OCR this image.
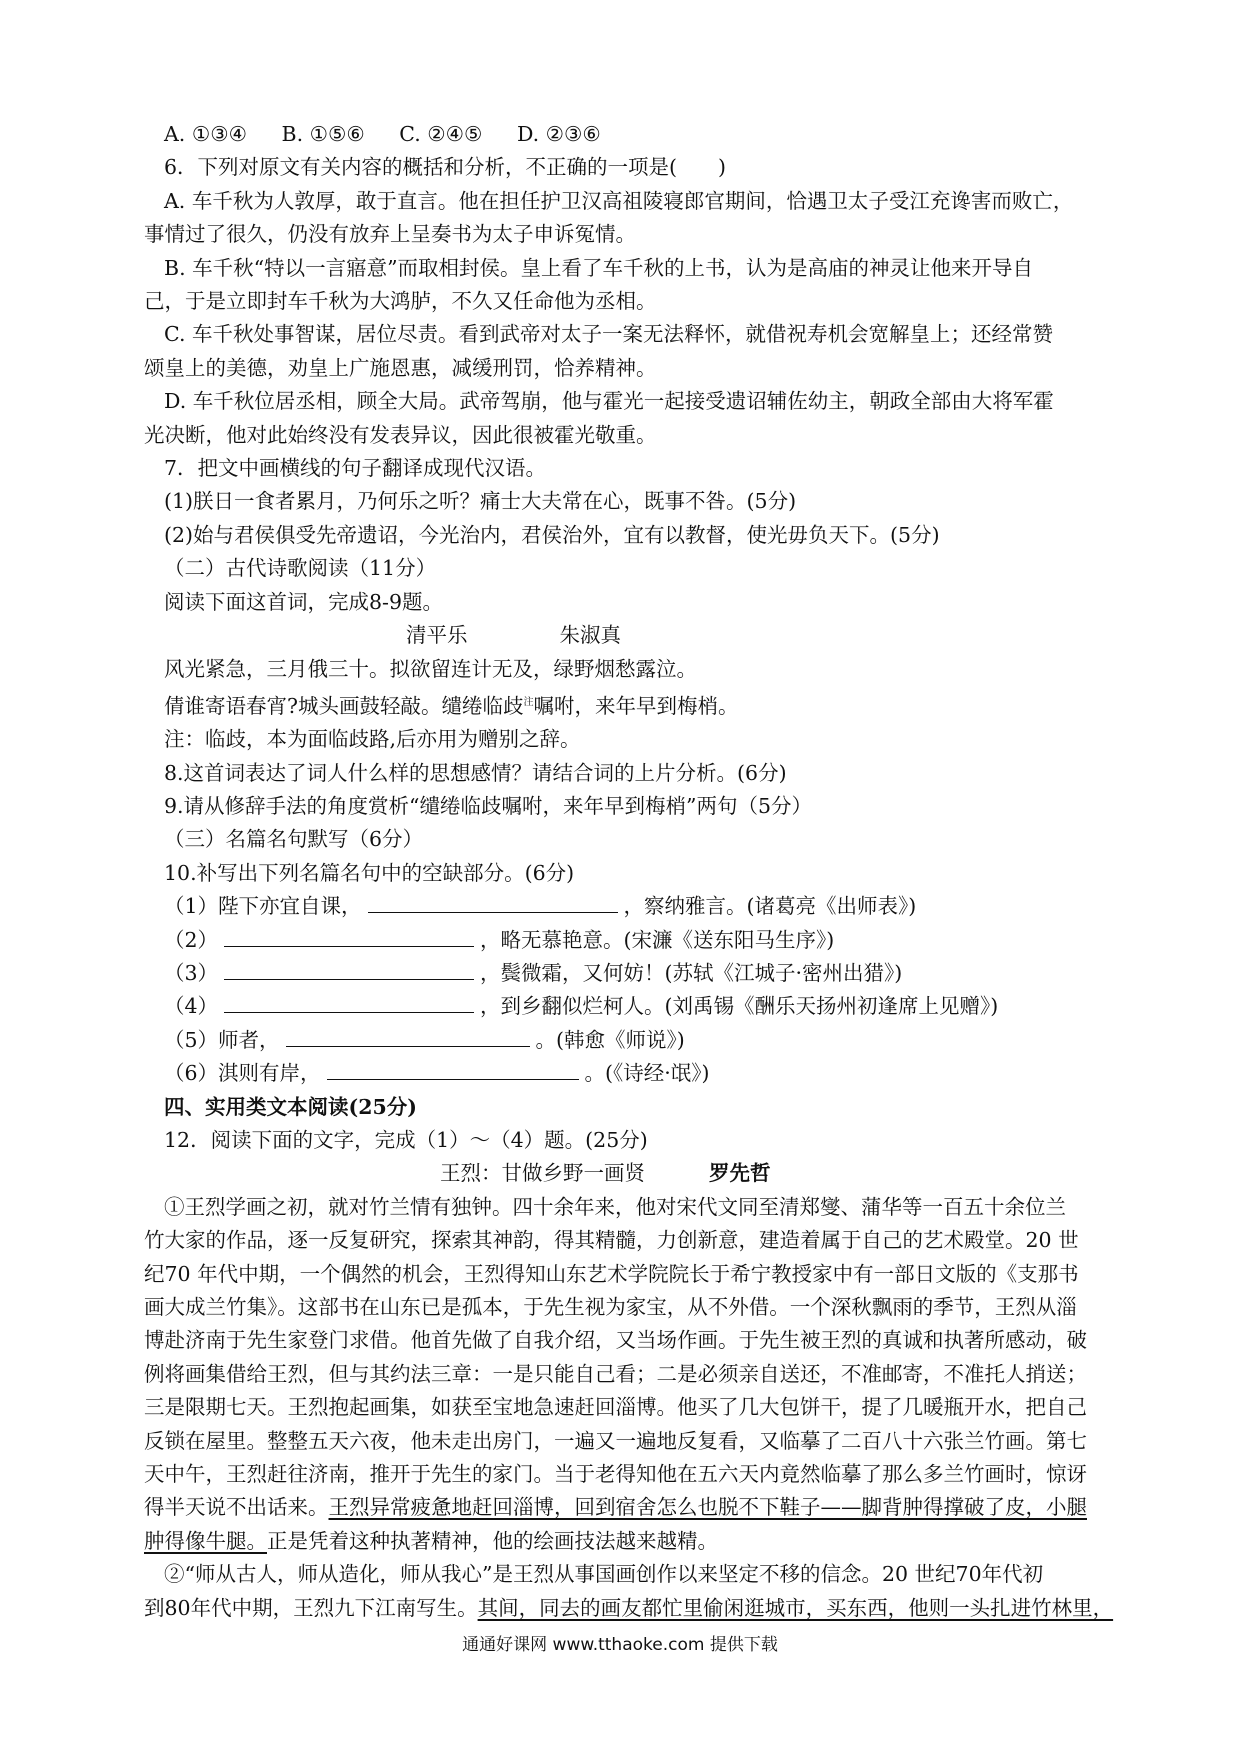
A. ①③④ B. ①⑤⑥ C. ②④⑤ D. ②③⑥
6．下列对原文有关内容的概括和分析，不正确的一项是(　　)
A. 车千秋为人敦厚，敢于直言。他在担任护卫汉高祖陵寝郎官期间，恰遇卫太子受江充谗害而败亡，
事情过了很久，仍没有放弃上呈奏书为太子申诉冤情。
B. 车千秋“特以一言寤意”而取相封侯。皇上看了车千秋的上书，认为是高庙的神灵让他来开导自
己，于是立即封车千秋为大鸿胪，不久又任命他为丞相。
C. 车千秋处事智谋，居位尽责。看到武帝对太子一案无法释怀，就借祝寿机会宽解皇上；还经常赞
颂皇上的美德，劝皇上广施恩惠，减缓刑罚，恰养精神。
D. 车千秋位居丞相，顾全大局。武帝驾崩，他与霍光一起接受遗诏辅佐幼主，朝政全部由大将军霍
光决断，他对此始终没有发表异议，因此很被霍光敬重。
7．把文中画横线的句子翻译成现代汉语。
(1)朕日一食者累月，乃何乐之听？痛士大夫常在心，既事不咎。(5分)
(2)始与君侯俱受先帝遗诏，今光治内，君侯治外，宜有以教督，使光毋负天下。(5分)
（二）古代诗歌阅读（11分）
阅读下面这首词，完成8-9题。
清平乐	朱淑真
风光紧急，三月俄三十。拟欲留连计无及，绿野烟愁露泣。
倩谁寄语春宵?城头画鼓轻敲。缱绻临歧$^注$嘱咐，来年早到梅梢。
注：临歧，本为面临歧路,后亦用为赠别之辞。
8.这首词表达了词人什么样的思想感情？请结合词的上片分析。(6分)
9.请从修辞手法的角度赏析“缱绻临歧嘱咐，来年早到梅梢”两句（5分）
（三）名篇名句默写（6分）
10.补写出下列名篇名句中的空缺部分。(6分)
（1）陛下亦宜自课，	，察纳雅言。(诸葛亮《出师表》)
（2）	，略无慕艳意。(宋濂《送东阳马生序》)
（3）	，鬓微霜，又何妨！(苏轼《江城子·密州出猎》)
（4）	，到乡翻似烂柯人。(刘禹锡《酬乐天扬州初逢席上见赠》)
（5）师者，	。(韩愈《师说》)
（6）淇则有岸，	。(《诗经·氓》)
四、实用类文本阅读(25分)
12．阅读下面的文字，完成（1）～（4）题。(25分)
王烈：甘做乡野一画贤	罗先哲
①王烈学画之初，就对竹兰情有独钟。四十余年来，他对宋代文同至清郑燮、蒲华等一百五十余位兰
竹大家的作品，逐一反复研究，探索其神韵，得其精髓，力创新意，建造着属于自己的艺术殿堂。20 世
纪70 年代中期，一个偶然的机会，王烈得知山东艺术学院院长于希宁教授家中有一部日文版的《支那书
画大成兰竹集》。这部书在山东已是孤本，于先生视为家宝，从不外借。一个深秋飘雨的季节，王烈从淄
博赴济南于先生家登门求借。他首先做了自我介绍，又当场作画。于先生被王烈的真诚和执著所感动，破
例将画集借给王烈，但与其约法三章：一是只能自己看；二是必须亲自送还，不准邮寄，不准托人捎送；
三是限期七天。王烈抱起画集，如获至宝地急速赶回淄博。他买了几大包饼干，提了几暖瓶开水，把自己
反锁在屋里。整整五天六夜，他未走出房门，一遍又一遍地反复看，又临摹了二百八十六张兰竹画。第七
天中午，王烈赶往济南，推开于先生的家门。当于老得知他在五六天内竟然临摹了那么多兰竹画时，惊讶
得半天说不出话来。王烈异常疲惫地赶回淄博，回到宿舍怎么也脱不下鞋子——脚背肿得撑破了皮，小腿
肿得像牛腿。正是凭着这种执著精神，他的绘画技法越来越精。
②“师从古人，师从造化，师从我心”是王烈从事国画创作以来坚定不移的信念。20 世纪70年代初
到80年代中期，王烈九下江南写生。其间，同去的画友都忙里偷闲逛城市，买东西，他则一头扎进竹林里，
通通好课网 www.tthaoke.com 提供下载
